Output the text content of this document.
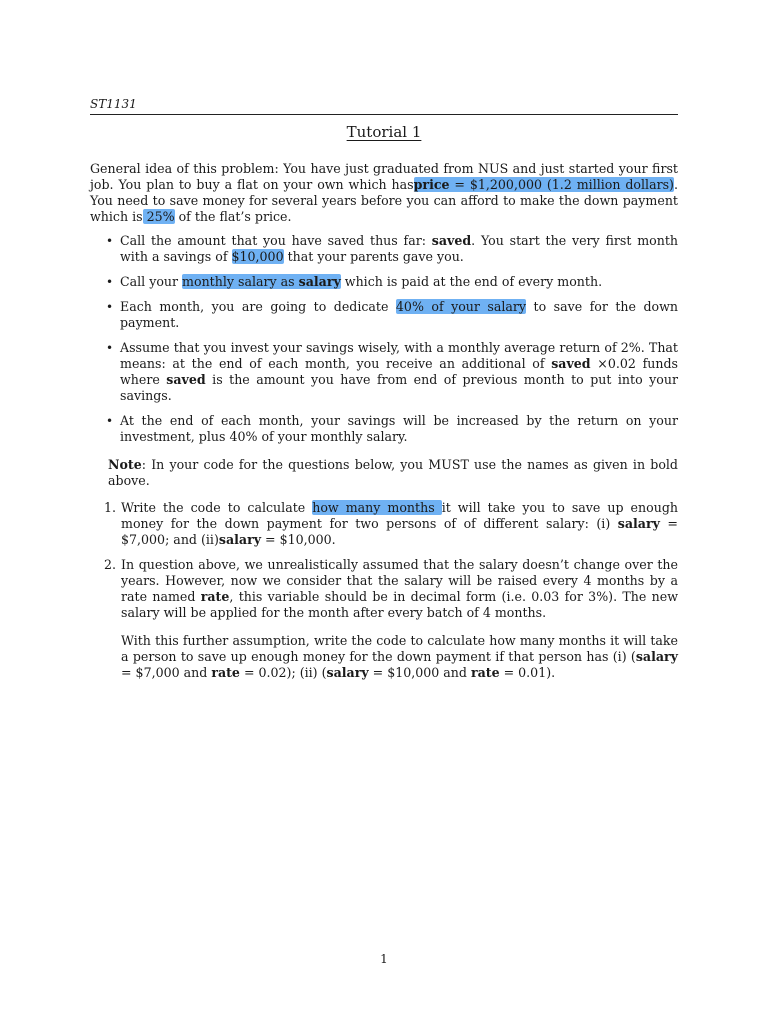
ST1131
Tutorial 1

General idea of this problem: You have just graduated from NUS and just started your first job. You plan to buy a flat on your own which hasprice = $1,200,000 (1.2 million dollars). You need to save money for several years before you can afford to make the down payment which is 25% of the flat’s price.

• Call the amount that you have saved thus far: saved. You start the very first month with a savings of $10,000 that your parents gave you.
• Call your monthly salary as salary which is paid at the end of every month.
• Each month, you are going to dedicate 40% of your salary to save for the down payment.
• Assume that you invest your savings wisely, with a monthly average return of 2%. That means: at the end of each month, you receive an additional of saved ×0.02 funds where saved is the amount you have from end of previous month to put into your savings.
• At the end of each month, your savings will be increased by the return on your investment, plus 40% of your monthly salary.

Note: In your code for the questions below, you MUST use the names as given in bold above.

1. Write the code to calculate how many months it will take you to save up enough money for the down payment for two persons of of different salary: (i) salary = $7,000; and (ii)salary = $10,000.
2. In question above, we unrealistically assumed that the salary doesn’t change over the years. However, now we consider that the salary will be raised every 4 months by a rate named rate, this variable should be in decimal form (i.e. 0.03 for 3%). The new salary will be applied for the month after every batch of 4 months.

With this further assumption, write the code to calculate how many months it will take a person to save up enough money for the down payment if that person has (i) (salary = $7,000 and rate = 0.02); (ii) (salary = $10,000 and rate = 0.01).

1
